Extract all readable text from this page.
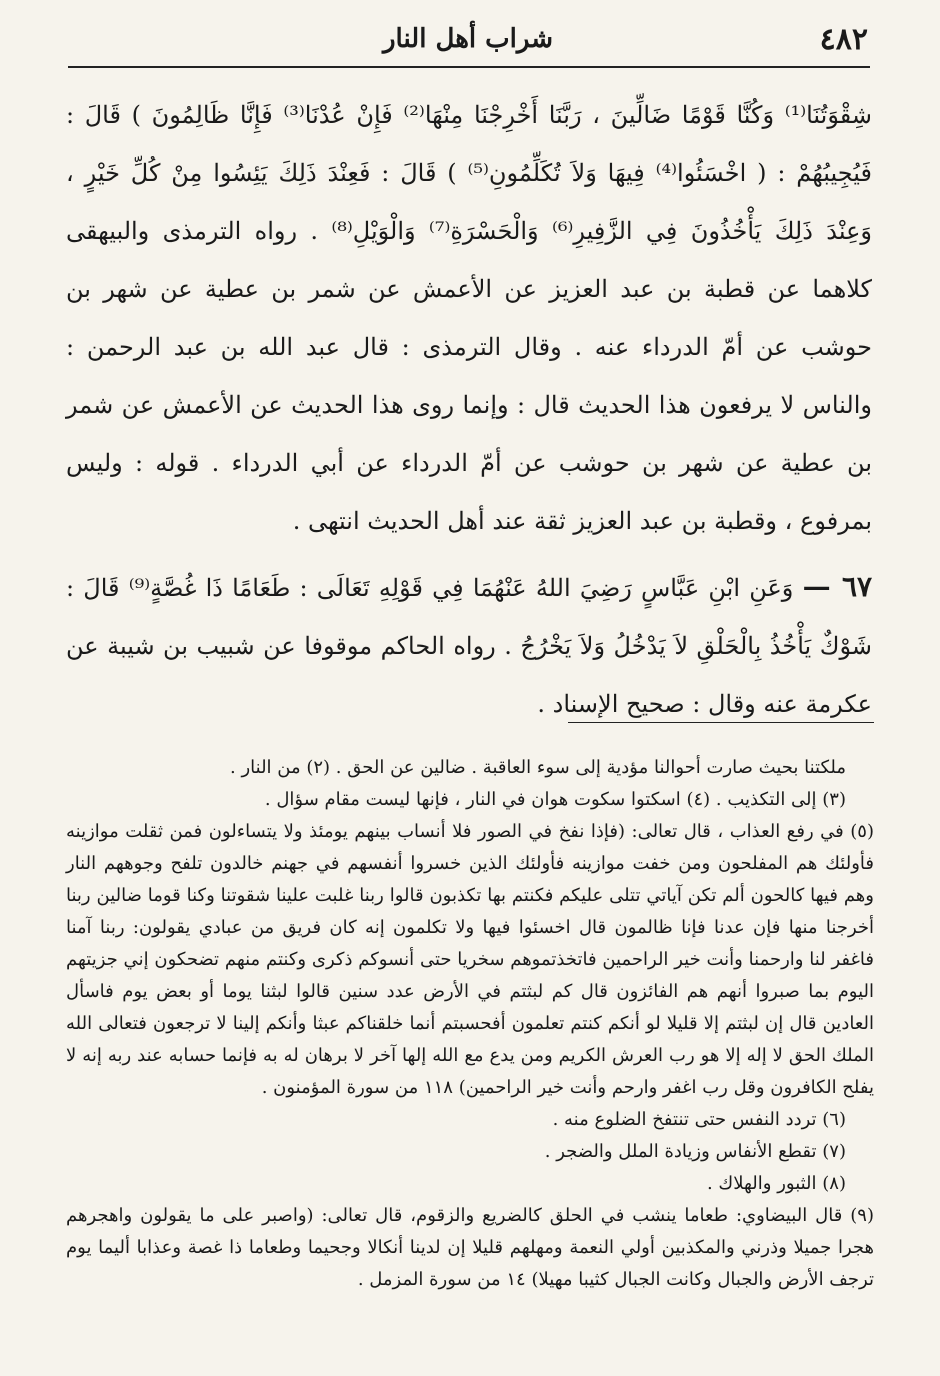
٤٨٢
شراب أهل النار

شِقْوَتُنَا⁽¹⁾ وَكُنَّا قَوْمًا ضَالِّينَ ، رَبَّنَا أَخْرِجْنَا مِنْهَا⁽²⁾ فَإِنْ عُدْنَا⁽³⁾ فَإِنَّا ظَالِمُونَ ) قَالَ : فَيُجِيبُهُمْ : ( اخْسَئُوا⁽⁴⁾ فِيهَا وَلاَ تُكَلِّمُونِ⁽⁵⁾ ) قَالَ : فَعِنْدَ ذَلِكَ يَئِسُوا مِنْ كُلِّ خَيْرٍ ، وَعِنْدَ ذَلِكَ يَأْخُذُونَ فِي الزَّفِيرِ⁽⁶⁾ وَالْحَسْرَةِ⁽⁷⁾ وَالْوَيْلِ⁽⁸⁾ . رواه الترمذى والبيهقى كلاهما عن قطبة بن عبد العزيز عن الأعمش عن شمر بن عطية عن شهر بن حوشب عن أمّ الدرداء عنه . وقال الترمذى : قال عبد الله بن عبد الرحمن : والناس لا يرفعون هذا الحديث قال : وإنما روى هذا الحديث عن الأعمش عن شمر بن عطية عن شهر بن حوشب عن أمّ الدرداء عن أبي الدرداء . قوله : وليس بمرفوع ، وقطبة بن عبد العزيز ثقة عند أهل الحديث انتهى .

٦٧ — وَعَنِ ابْنِ عَبَّاسٍ رَضِيَ اللهُ عَنْهُمَا فِي قَوْلِهِ تَعَالَى : طَعَامًا ذَا غُصَّةٍ⁽⁹⁾ قَالَ : شَوْكٌ يَأْخُذُ بِالْحَلْقِ لاَ يَدْخُلُ وَلاَ يَخْرُجُ . رواه الحاكم موقوفا عن شبيب بن شيبة عن عكرمة عنه وقال : صحيح الإسناد .

ملكتنا بحيث صارت أحوالنا مؤدية إلى سوء العاقبة . ضالين عن الحق . (٢) من النار .

(٣) إلى التكذيب . (٤) اسكتوا سكوت هوان في النار ، فإنها ليست مقام سؤال .

(٥) في رفع العذاب ، قال تعالى: (فإذا نفخ في الصور فلا أنساب بينهم يومئذ ولا يتساءلون فمن ثقلت موازينه فأولئك هم المفلحون ومن خفت موازينه فأولئك الذين خسروا أنفسهم في جهنم خالدون تلفح وجوههم النار وهم فيها كالحون ألم تكن آياتي تتلى عليكم فكنتم بها تكذبون قالوا ربنا غلبت علينا شقوتنا وكنا قوما ضالين ربنا أخرجنا منها فإن عدنا فإنا ظالمون قال اخسئوا فيها ولا تكلمون إنه كان فريق من عبادي يقولون: ربنا آمنا فاغفر لنا وارحمنا وأنت خير الراحمين فاتخذتموهم سخريا حتى أنسوكم ذكرى وكنتم منهم تضحكون إني جزيتهم اليوم بما صبروا أنهم هم الفائزون قال كم لبثتم في الأرض عدد سنين قالوا لبثنا يوما أو بعض يوم فاسأل العادين قال إن لبثتم إلا قليلا لو أنكم كنتم تعلمون أفحسبتم أنما خلقناكم عبثا وأنكم إلينا لا ترجعون فتعالى الله الملك الحق لا إله إلا هو رب العرش الكريم ومن يدع مع الله إلها آخر لا برهان له به فإنما حسابه عند ربه إنه لا يفلح الكافرون وقل رب اغفر وارحم وأنت خير الراحمين) ١١٨ من سورة المؤمنون .

(٦) تردد النفس حتى تنتفخ الضلوع منه .

(٧) تقطع الأنفاس وزيادة الملل والضجر .

(٨) الثبور والهلاك .

(٩) قال البيضاوي: طعاما ينشب في الحلق كالضريع والزقوم، قال تعالى: (واصبر على ما يقولون واهجرهم هجرا جميلا وذرني والمكذبين أولي النعمة ومهلهم قليلا إن لدينا أنكالا وجحيما وطعاما ذا غصة وعذابا أليما يوم ترجف الأرض والجبال وكانت الجبال كثيبا مهيلا) ١٤ من سورة المزمل .
